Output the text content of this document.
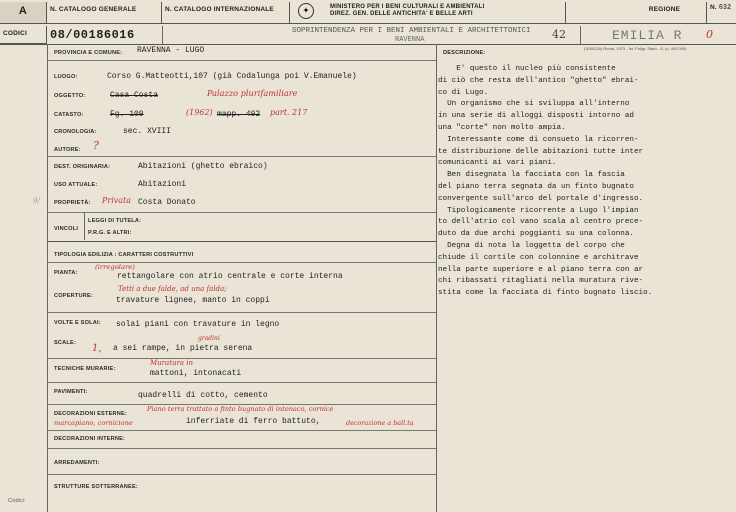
A	N. CATALOGO GENERALE	N. CATALOGO INTERNAZIONALE	✦	MINISTERO PER I BENI CULTURALI E AMBIENTALI
DIREZ. GEN. DELLE ANTICHITA' E BELLE ARTI
REGIONE	N. 632
CODICI	08/00186016	SOPRINTENDENZA PER I BENI AMBIENTALI E ARCHITETTONICI
RAVENNA	42	EMILIA R 0
PROVINCIA E COMUNE: RAVENNA - LUGO
LUOGO:	Corso G.Matteotti,107 (già Codalunga poi V.Emanuele)
OGGETTO:	Casa Costa	Palazzo plurifamiliare
CATASTO:	Fg. 109	(1962) mapp. 492 part. 217
CRONOLOGIA:	sec. XVIII
AUTORE: ?
DEST. ORIGINARIA:	Abitazioni (ghetto ebraico)
USO ATTUALE:	Abitazioni
9/	PROPRIETÀ: Privata Costa Donato
VINCOLI
LEGGI DI TUTELA:
P.R.G. E ALTRI:
TIPOLOGIA EDILIZIA : CARATTERI COSTRUTTIVI
PIANTA:
(irregolare)
rettangolare con atrio centrale e corte interna
COPERTURE:
Tetti a due falde, ad una falda;
travature lignee, manto in coppi
VOLTE E SOLAI: solai piani con travature in legno
SCALE:
gradini
1, a sei rampe, in pietra serena
TECNICHE MURARIE:
Muratura in
mattoni, intonacati
PAVIMENTI:	quadrelli di cotto, cemento
DECORAZIONI ESTERNE:
Piano terra trattato a finto bugnato di intonaco, cornice
marcapiano, cornicione	inferriate di ferro battuto,	decorazione a ball.ta
DECORAZIONI INTERNE:
ARREDAMENTI:
STRUTTURE SOTTERRANEE:
Codici
DESCRIZIONE:
(3005239) Roma, 1973 - Ist. Poligr. Stato - S. (c. 400.000)

E' questo il nucleo più consistente
di ciò che resta dell'antico "ghetto" ebrai-
co di Lugo.

Un organismo che si sviluppa all'interno
in una serie di alloggi disposti intorno ad
una "corte" non molto ampia.

Interessante come di consueto la ricorren-
te distribuzione delle abitazioni tutte inter
comunicanti ai vari piani.

Ben disegnata la facciata con la fascia
del piano terra segnata da un finto bugnato
convergente sull'arco del portale d'ingresso.

Tipologicamente ricorrente a Lugo l'impian
to dell'atrio col vano scala al centro prece-
duto da due archi poggianti su una colonna.

Degna di nota la loggetta del corpo che
chiude il cortile con colonnine e architrave
nella parte superiore e al piano terra con ar
chi ribassati ritagliati nella muratura rive-
stita come la facciata di finto bugnato liscio.
